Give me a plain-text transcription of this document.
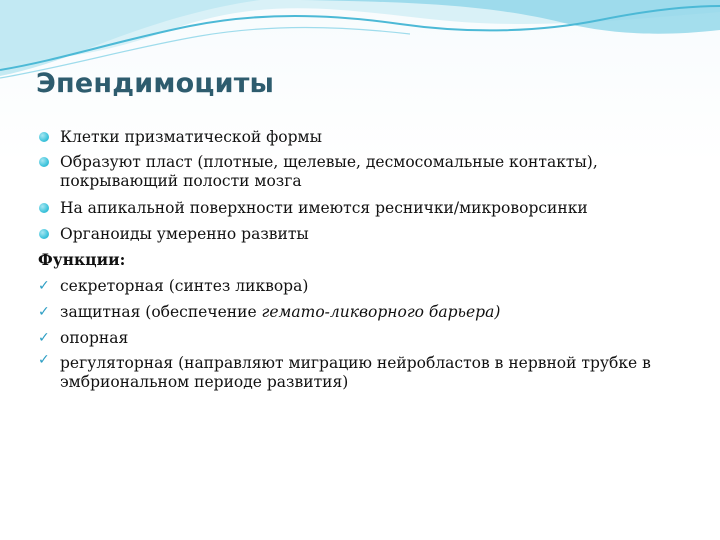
Эпендимоциты
Клетки призматической формы
Образуют пласт (плотные, щелевые, десмосомальные контакты), покрывающий полости мозга
На апикальной поверхности имеются реснички/микроворсинки
Органоиды умеренно развиты
Функции:
✓ секреторная (синтез ликвора)
✓ защитная (обеспечение гемато-ликворного барьера)
✓ опорная
✓ регуляторная (направляют миграцию нейробластов в нервной трубке в эмбриональном периоде развития)
